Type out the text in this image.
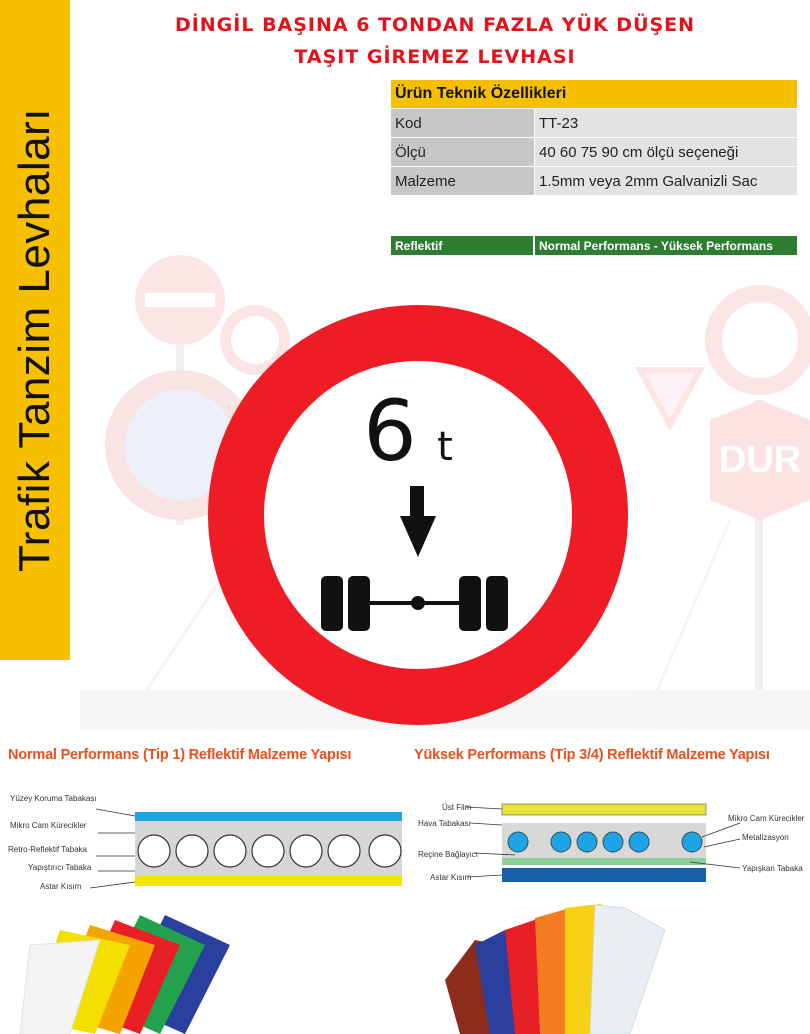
Trafik Tanzim Levhaları
DİNGİL BAŞINA 6 TONDAN FAZLA YÜK DÜŞEN
TAŞIT GİREMEZ LEVHASI
Ürün Teknik Özellikleri	
Kod	TT-23
Ölçü	40 60 75 90 cm ölçü seçeneği
Malzeme	1.5mm veya 2mm Galvanizli Sac
Reflektif	Normal Performans - Yüksek Performans
DUR
6 t
Normal Performans (Tip 1) Reflektif Malzeme Yapısı	Yüksek Performans (Tip 3/4) Reflektif Malzeme Yapısı
Yüzey Koruma Tabakası
Mikro Cam Kürecikler
Retro-Reflektif Tabaka
Yapıştırıcı Tabaka
Astar Kısım
Üst Film
Hava Tabakası
Reçine Bağlayıcı
Astar Kısım
Mikro Cam Kürecikler
Metalizasyon
Yapışkan Tabaka
